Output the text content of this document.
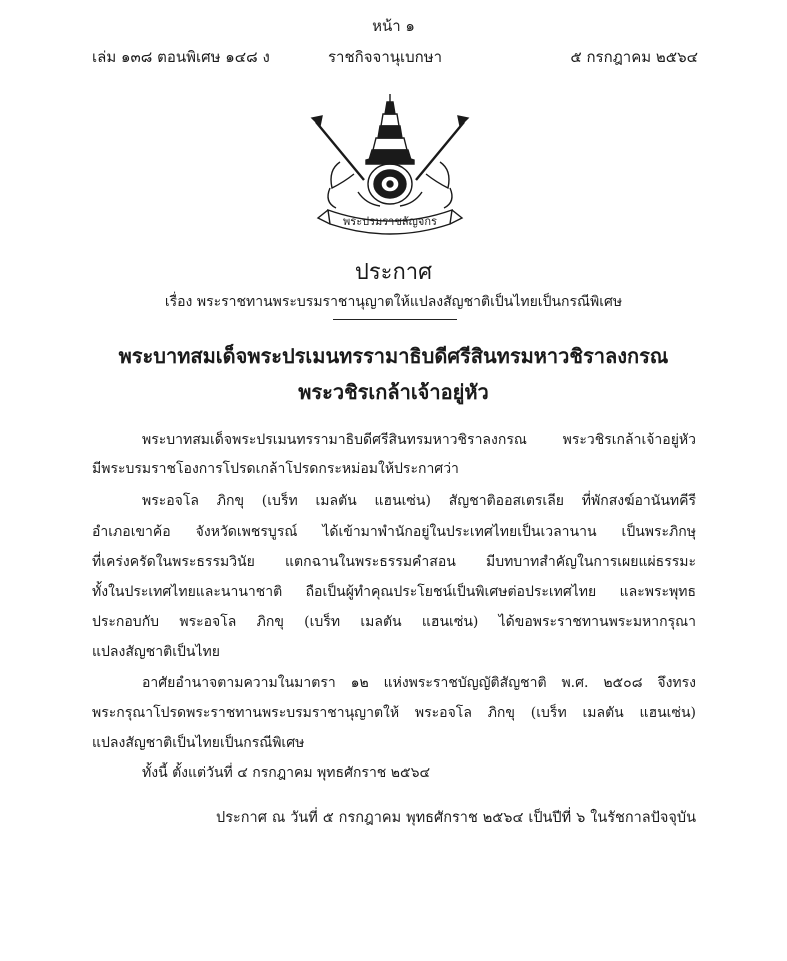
หน้า ๑
เล่ม ๑๓๘ ตอนพิเศษ ๑๔๘ ง	ราชกิจจานุเบกษา	๕ กรกฎาคม ๒๕๖๔
พระปรมราชลัญจกร
ประกาศ
เรื่อง พระราชทานพระบรมราชานุญาตให้แปลงสัญชาติเป็นไทยเป็นกรณีพิเศษ
พระบาทสมเด็จพระปรเมนทรรามาธิบดีศรีสินทรมหาวชิราลงกรณ
พระวชิรเกล้าเจ้าอยู่หัว
พระบาทสมเด็จพระปรเมนทรรามาธิบดีศรีสินทรมหาวชิราลงกรณ พระวชิรเกล้าเจ้าอยู่หัว
มีพระบรมราชโองการโปรดเกล้าโปรดกระหม่อมให้ประกาศว่า
พระอจโล ภิกขุ (เบร็ท เมลตัน แฮนเซ่น) สัญชาติออสเตรเลีย ที่พักสงฆ์อานันทคีรี
อำเภอเขาค้อ จังหวัดเพชรบูรณ์ ได้เข้ามาพำนักอยู่ในประเทศไทยเป็นเวลานาน เป็นพระภิกษุ
ที่เคร่งครัดในพระธรรมวินัย แตกฉานในพระธรรมคำสอน มีบทบาทสำคัญในการเผยแผ่ธรรมะ
ทั้งในประเทศไทยและนานาชาติ ถือเป็นผู้ทำคุณประโยชน์เป็นพิเศษต่อประเทศไทย และพระพุทธ
ประกอบกับ พระอจโล ภิกขุ (เบร็ท เมลตัน แฮนเซ่น) ได้ขอพระราชทานพระมหากรุณา
แปลงสัญชาติเป็นไทย
อาศัยอำนาจตามความในมาตรา ๑๒ แห่งพระราชบัญญัติสัญชาติ พ.ศ. ๒๕๐๘ จึงทรง
พระกรุณาโปรดพระราชทานพระบรมราชานุญาตให้ พระอจโล ภิกขุ (เบร็ท เมลตัน แฮนเซ่น)
แปลงสัญชาติเป็นไทยเป็นกรณีพิเศษ
ทั้งนี้ ตั้งแต่วันที่ ๔ กรกฎาคม พุทธศักราช ๒๕๖๔
ประกาศ ณ วันที่ ๕ กรกฎาคม พุทธศักราช ๒๕๖๔ เป็นปีที่ ๖ ในรัชกาลปัจจุบัน
